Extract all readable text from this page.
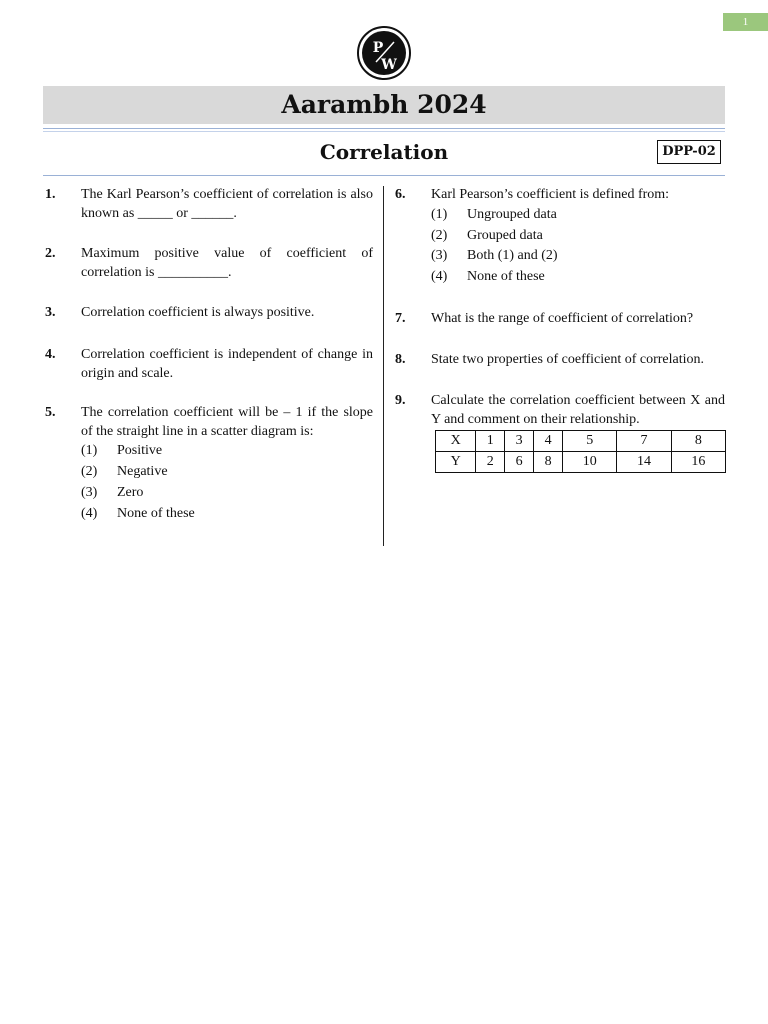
1
P
W
Aarambh 2024
Correlation	DPP-02
1. The Karl Pearson’s coefficient of correlation is also known as _____ or ______.
2. Maximum positive value of coefficient of correlation is __________.
3. Correlation coefficient is always positive.
4. Correlation coefficient is independent of change in origin and scale.
5. The correlation coefficient will be – 1 if the slope of the straight line in a scatter diagram is:
(1) Positive
(2) Negative
(3) Zero
(4) None of these
6. Karl Pearson’s coefficient is defined from:
(1) Ungrouped data
(2) Grouped data
(3) Both (1) and (2)
(4) None of these
7. What is the range of coefficient of correlation?
8. State two properties of coefficient of correlation.
9. Calculate the correlation coefficient between X and Y and comment on their relationship.
X	1	3	4	5	7	8
Y	2	6	8	10	14	16
